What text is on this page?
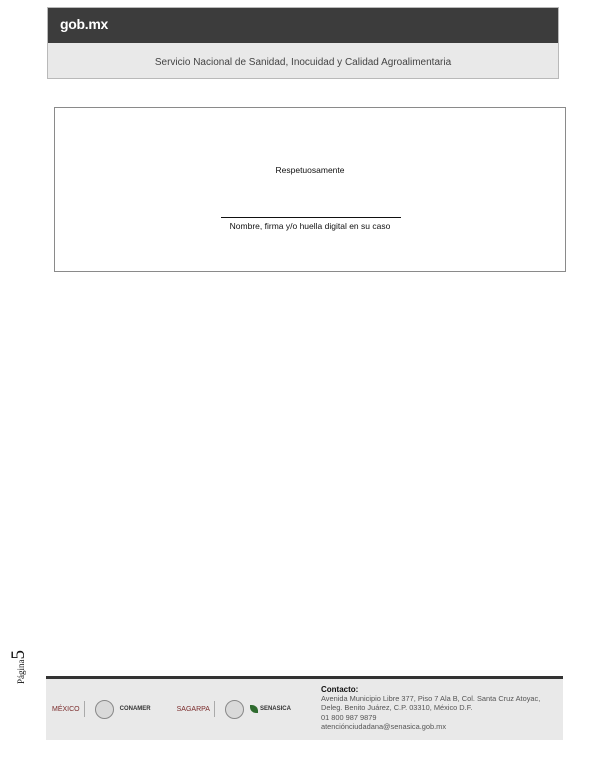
gob.mx
Servicio Nacional de Sanidad, Inocuidad y Calidad Agroalimentaria
Respetuosamente
Nombre, firma y/o huella digital en su caso
Página5
MÉXICO	CONAMER	SAGARPA	SENASICA
Contacto:
Avenida Municipio Libre 377, Piso 7 Ala B, Col. Santa Cruz Atoyac,
Deleg. Benito Juárez, C.P. 03310, México D.F.
01 800 987 9879
atenciónciudadana@senasica.gob.mx
